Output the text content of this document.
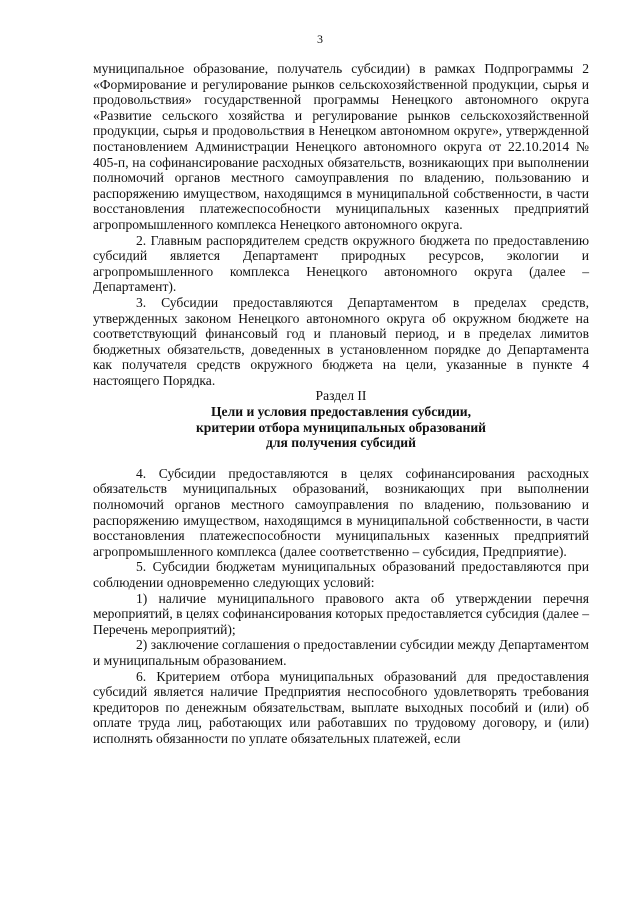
3

муниципальное образование, получатель субсидии) в рамках Подпрограммы 2 «Формирование и регулирование рынков сельскохозяйственной продукции, сырья и продовольствия» государственной программы Ненецкого автономного округа «Развитие сельского хозяйства и регулирование рынков сельскохозяйственной продукции, сырья и продовольствия в Ненецком автономном округе», утвержденной постановлением Администрации Ненецкого автономного округа от 22.10.2014 № 405-п, на софинансирование расходных обязательств, возникающих при выполнении полномочий органов местного самоуправления по владению, пользованию и распоряжению имуществом, находящимся в муниципальной собственности, в части восстановления платежеспособности муниципальных казенных предприятий агропромышленного комплекса Ненецкого автономного округа.

2. Главным распорядителем средств окружного бюджета по предоставлению субсидий является Департамент природных ресурсов, экологии и агропромышленного комплекса Ненецкого автономного округа (далее – Департамент).

3. Субсидии предоставляются Департаментом в пределах средств, утвержденных законом Ненецкого автономного округа об окружном бюджете на соответствующий финансовый год и плановый период, и в пределах лимитов бюджетных обязательств, доведенных в установленном порядке до Департамента как получателя средств окружного бюджета на цели, указанные в пункте 4 настоящего Порядка.

Раздел II

Цели и условия предоставления субсидии,

критерии отбора муниципальных образований

для получения субсидий

4. Субсидии предоставляются в целях софинансирования расходных обязательств муниципальных образований, возникающих при выполнении полномочий органов местного самоуправления по владению, пользованию и распоряжению имуществом, находящимся в муниципальной собственности, в части восстановления платежеспособности муниципальных казенных предприятий агропромышленного комплекса (далее соответственно – субсидия, Предприятие).

5. Субсидии бюджетам муниципальных образований предоставляются при соблюдении одновременно следующих условий:

1) наличие муниципального правового акта об утверждении перечня мероприятий, в целях софинансирования которых предоставляется субсидия (далее – Перечень мероприятий);

2) заключение соглашения о предоставлении субсидии между Департаментом и муниципальным образованием.

6. Критерием отбора муниципальных образований для предоставления субсидий является наличие Предприятия неспособного удовлетворять требования кредиторов по денежным обязательствам, выплате выходных пособий и (или) об оплате труда лиц, работающих или работавших по трудовому договору, и (или) исполнять обязанности по уплате обязательных платежей, если
